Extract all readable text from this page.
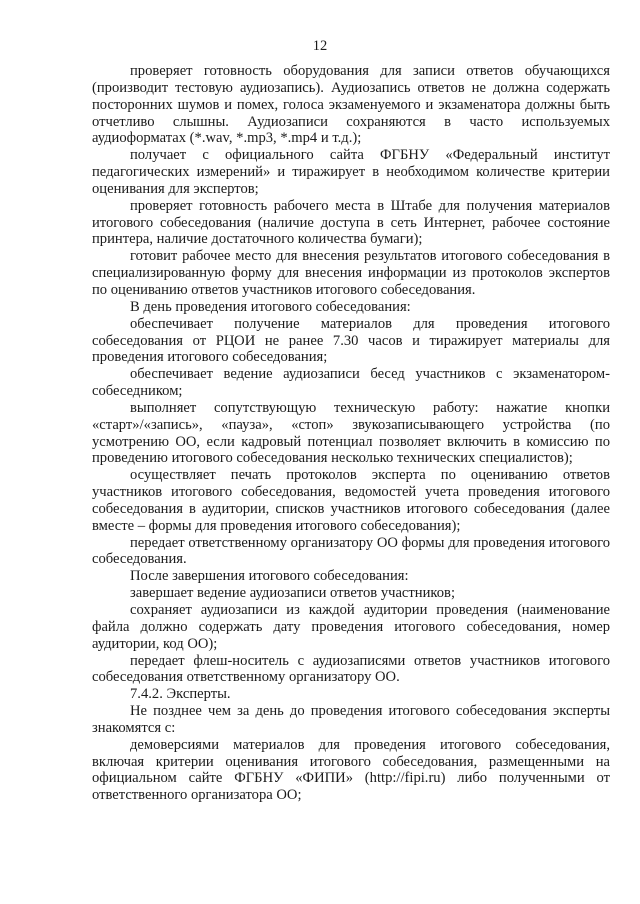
12

проверяет готовность оборудования для записи ответов обучающихся (производит тестовую аудиозапись). Аудиозапись ответов не должна содержать посторонних шумов и помех, голоса экзаменуемого и экзаменатора должны быть отчетливо слышны. Аудиозаписи сохраняются в часто используемых аудиоформатах (*.wav, *.mp3, *.mp4 и т.д.);

получает с официального сайта ФГБНУ «Федеральный институт педагогических измерений» и тиражирует в необходимом количестве критерии оценивания для экспертов;

проверяет готовность рабочего места в Штабе для получения материалов итогового собеседования (наличие доступа в сеть Интернет, рабочее состояние принтера, наличие достаточного количества бумаги);

готовит рабочее место для внесения результатов итогового собеседования в специализированную форму для внесения информации из протоколов экспертов по оцениванию ответов участников итогового собеседования.

В день проведения итогового собеседования:

обеспечивает получение материалов для проведения итогового собеседования от РЦОИ не ранее 7.30 часов и тиражирует материалы для проведения итогового собеседования;

обеспечивает ведение аудиозаписи бесед участников с экзаменатором-собеседником;

выполняет сопутствующую техническую работу: нажатие кнопки «старт»/«запись», «пауза», «стоп» звукозаписывающего устройства (по усмотрению ОО, если кадровый потенциал позволяет включить в комиссию по проведению итогового собеседования несколько технических специалистов);

осуществляет печать протоколов эксперта по оцениванию ответов участников итогового собеседования, ведомостей учета проведения итогового собеседования в аудитории, списков участников итогового собеседования (далее вместе – формы для проведения итогового собеседования);

передает ответственному организатору ОО формы для проведения итогового собеседования.

После завершения итогового собеседования:

завершает ведение аудиозаписи ответов участников;

сохраняет аудиозаписи из каждой аудитории проведения (наименование файла должно содержать дату проведения итогового собеседования, номер аудитории, код ОО);

передает флеш-носитель с аудиозаписями ответов участников итогового собеседования ответственному организатору ОО.

7.4.2. Эксперты.

Не позднее чем за день до проведения итогового собеседования эксперты знакомятся с:

демоверсиями материалов для проведения итогового собеседования, включая критерии оценивания итогового собеседования, размещенными на официальном сайте ФГБНУ «ФИПИ» (http://fipi.ru) либо полученными от ответственного организатора ОО;
